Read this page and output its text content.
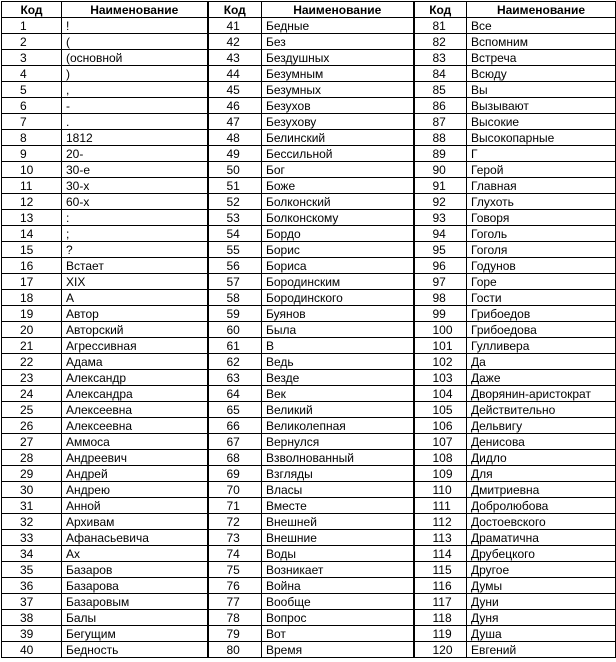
Код	Наименование	Код	Наименование	Код	Наименование
1	!	41	Бедные	81	Все
2	(	42	Без	82	Вспомним
3	(основной	43	Бездушных	83	Встреча
4	)	44	Безумным	84	Всюду
5	,	45	Безумных	85	Вы
6	-	46	Безухов	86	Вызывают
7	.	47	Безухову	87	Высокие
8	1812	48	Белинский	88	Высокопарные
9	20-	49	Бессильной	89	Г
10	30-е	50	Бог	90	Герой
11	30-х	51	Боже	91	Главная
12	60-х	52	Болконский	92	Глухоть
13	:	53	Болконскому	93	Говоря
14	;	54	Бордо	94	Гоголь
15	?	55	Борис	95	Гоголя
16	Встает	56	Бориса	96	Годунов
17	XIX	57	Бородинским	97	Горе
18	А	58	Бородинского	98	Гости
19	Автор	59	Буянов	99	Грибоедов
20	Авторский	60	Была	100	Грибоедова
21	Агрессивная	61	В	101	Гулливера
22	Адама	62	Ведь	102	Да
23	Александр	63	Везде	103	Даже
24	Александра	64	Век	104	Дворянин-аристократ
25	Алексеевна	65	Великий	105	Действительно
26	Алексеевна	66	Великолепная	106	Дельвигу
27	Аммоса	67	Вернулся	107	Денисова
28	Андреевич	68	Взволнованный	108	Дидло
29	Андрей	69	Взгляды	109	Для
30	Андрею	70	Власы	110	Дмитриевна
31	Анной	71	Вместе	111	Добролюбова
32	Архивам	72	Внешней	112	Достоевского
33	Афанасьевича	73	Внешние	113	Драматична
34	Ах	74	Воды	114	Друбецкого
35	Базаров	75	Возникает	115	Другое
36	Базарова	76	Война	116	Думы
37	Базаровым	77	Вообще	117	Дуни
38	Балы	78	Вопрос	118	Дуня
39	Бегущим	79	Вот	119	Душа
40	Бедность	80	Время	120	Евгений
